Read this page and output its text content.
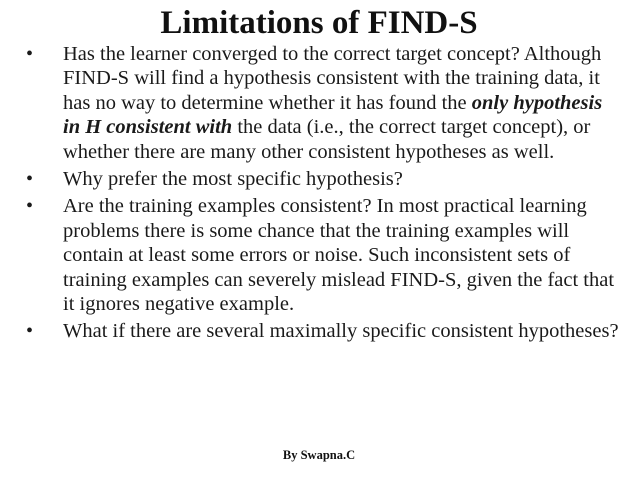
Limitations of FIND-S
• Has the learner converged to the correct target concept? Although FIND-S will find a hypothesis consistent with the training data, it has no way to determine whether it has found the only hypothesis in H consistent with the data (i.e., the correct target concept), or whether there are many other consistent hypotheses as well.
• Why prefer the most specific hypothesis?
• Are the training examples consistent? In most practical learning problems there is some chance that the training examples will contain at least some errors or noise. Such inconsistent sets of training examples can severely mislead FIND-S, given the fact that it ignores negative example.
• What if there are several maximally specific consistent hypotheses?
By Swapna.C
